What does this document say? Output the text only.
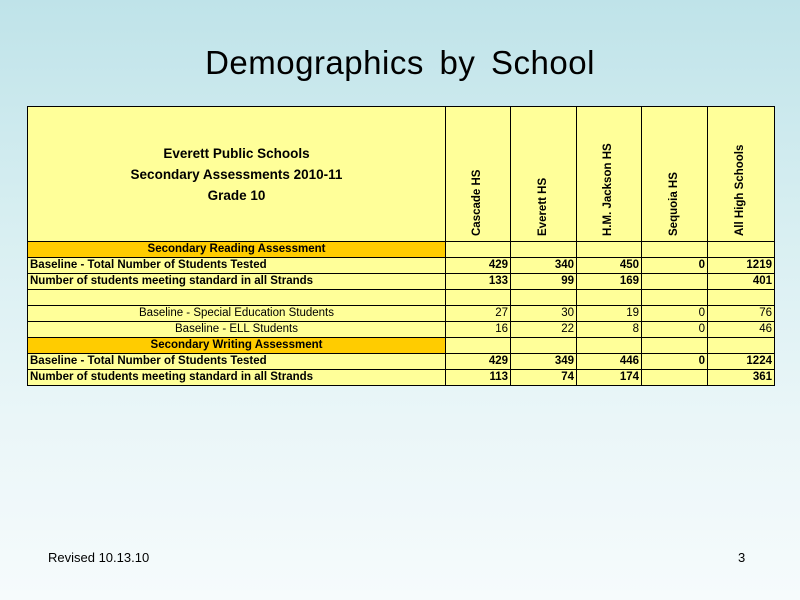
Demographics by School
Everett Public Schools
Secondary Assessments 2010-11
Grade 10	Cascade HS	Everett HS	H.M. Jackson HS	Sequoia HS	All High Schools

Secondary Reading Assessment					
Baseline - Total Number of Students Tested	429	340	450	0	1219
Number of students meeting standard in all Strands	133	99	169		401

Baseline - Special Education Students	27	30	19	0	76
Baseline - ELL Students	16	22	8	0	46
Secondary Writing Assessment					
Baseline - Total Number of Students Tested	429	349	446	0	1224
Number of students meeting standard in all Strands	113	74	174		361
Revised 10.13.10	3
